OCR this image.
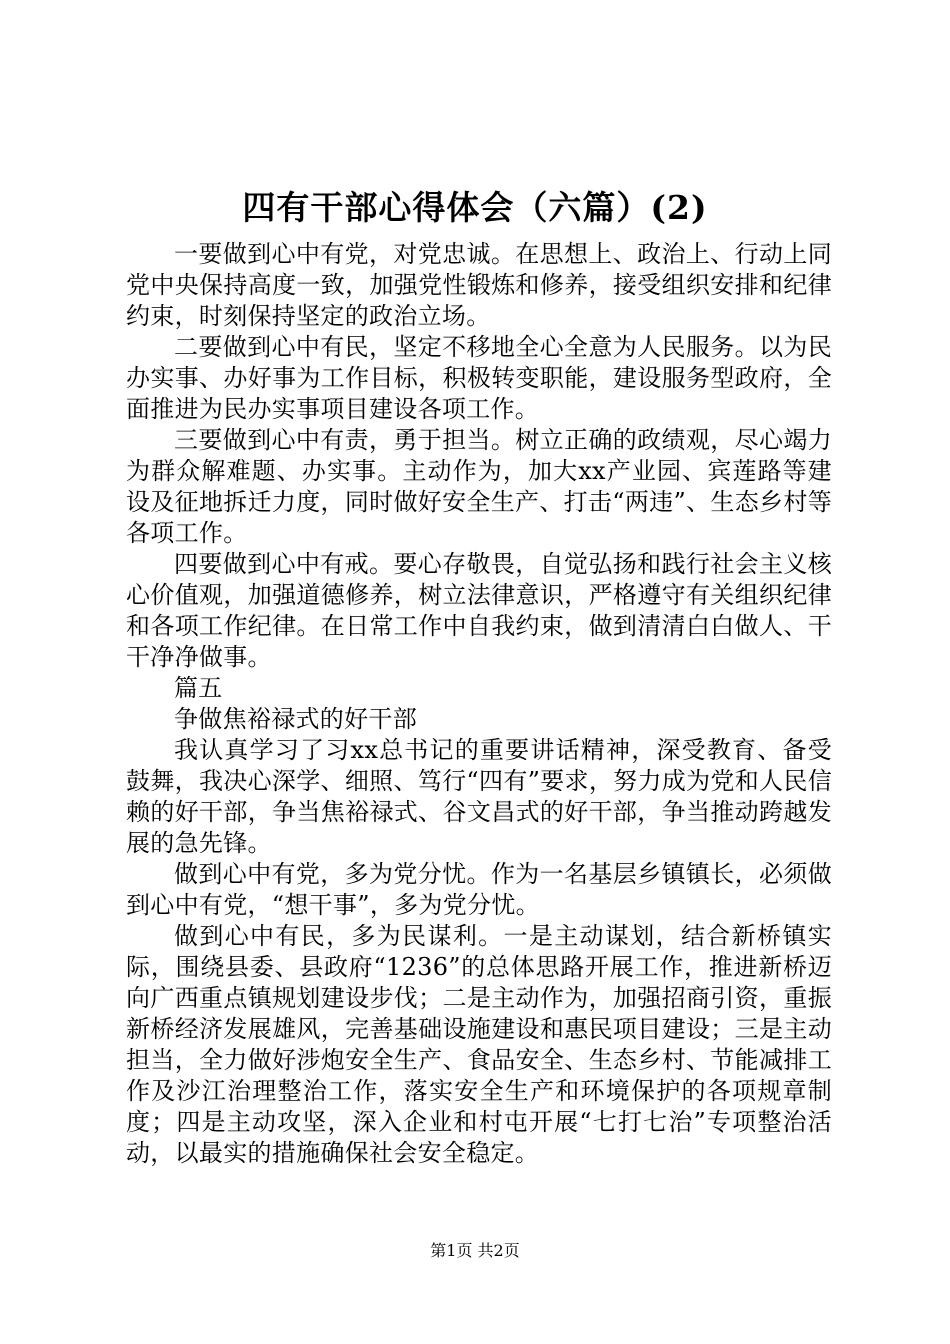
四有干部心得体会（六篇）(2)

一要做到心中有党，对党忠诚。在思想上、政治上、行动上同党中央保持高度一致，加强党性锻炼和修养，接受组织安排和纪律约束，时刻保持坚定的政治立场。

二要做到心中有民，坚定不移地全心全意为人民服务。以为民办实事、办好事为工作目标，积极转变职能，建设服务型政府，全面推进为民办实事项目建设各项工作。

三要做到心中有责，勇于担当。树立正确的政绩观，尽心竭力为群众解难题、办实事。主动作为，加大xx产业园、宾莲路等建设及征地拆迁力度，同时做好安全生产、打击“两违”、生态乡村等各项工作。

四要做到心中有戒。要心存敬畏，自觉弘扬和践行社会主义核心价值观，加强道德修养，树立法律意识，严格遵守有关组织纪律和各项工作纪律。在日常工作中自我约束，做到清清白白做人、干干净净做事。

篇五

争做焦裕禄式的好干部

我认真学习了习xx总书记的重要讲话精神，深受教育、备受鼓舞，我决心深学、细照、笃行“四有”要求，努力成为党和人民信赖的好干部，争当焦裕禄式、谷文昌式的好干部，争当推动跨越发展的急先锋。

做到心中有党，多为党分忧。作为一名基层乡镇镇长，必须做到心中有党，“想干事”，多为党分忧。

做到心中有民，多为民谋利。一是主动谋划，结合新桥镇实际，围绕县委、县政府“1236”的总体思路开展工作，推进新桥迈向广西重点镇规划建设步伐；二是主动作为，加强招商引资，重振新桥经济发展雄风，完善基础设施建设和惠民项目建设；三是主动担当，全力做好涉炮安全生产、食品安全、生态乡村、节能减排工作及沙江治理整治工作，落实安全生产和环境保护的各项规章制度；四是主动攻坚，深入企业和村屯开展“七打七治”专项整治活动，以最实的措施确保社会安全稳定。

第1页 共2页
